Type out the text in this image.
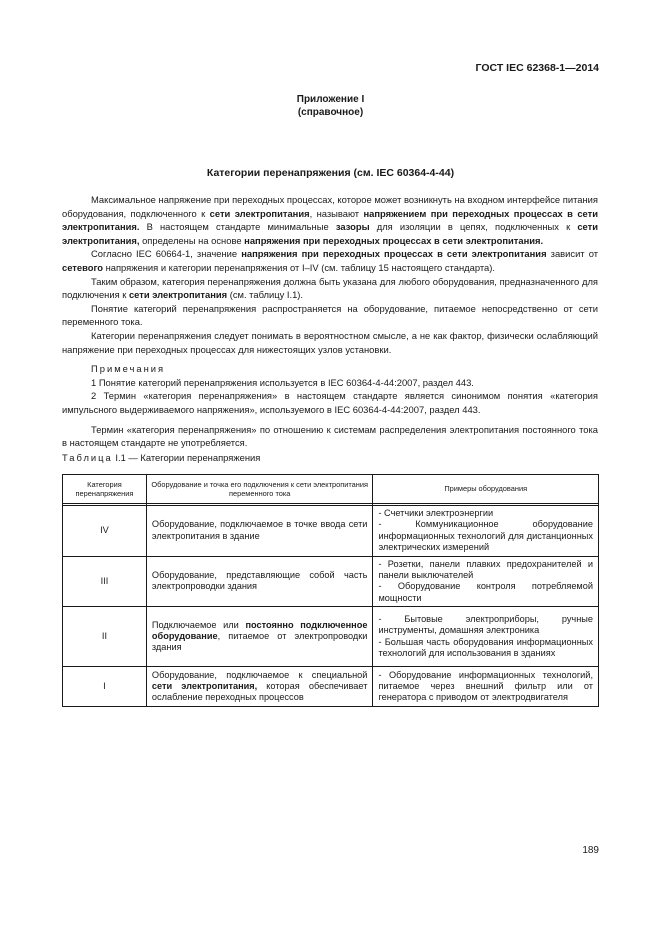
ГОСТ IEC 62368-1—2014
Приложение I
(справочное)
Категории перенапряжения (см. IEC 60364-4-44)

Максимальное напряжение при переходных процессах, которое может возникнуть на входном интерфейсе питания оборудования, подключенного к сети электропитания, называют напряжением при переходных процессах в сети электропитания. В настоящем стандарте минимальные зазоры для изоляции в цепях, подключенных к сети электропитания, определены на основе напряжения при переходных процессах в сети электропитания.

Согласно IEC 60664-1, значение напряжения при переходных процессах в сети электропитания зависит от сетевого напряжения и категории перенапряжения от I–IV (см. таблицу 15 настоящего стандарта).

Таким образом, категория перенапряжения должна быть указана для любого оборудования, предназначенного для подключения к сети электропитания (см. таблицу I.1).

Понятие категорий перенапряжения распространяется на оборудование, питаемое непосредственно от сети переменного тока.

Категории перенапряжения следует понимать в вероятностном смысле, а не как фактор, физически ослабляющий напряжение при переходных процессах для нижестоящих узлов установки.

Примечания

1 Понятие категорий перенапряжения используется в IEC 60364-4-44:2007, раздел 443.

2 Термин «категория перенапряжения» в настоящем стандарте является синонимом понятия «категория импульсного выдерживаемого напряжения», используемого в IEC 60364-4-44:2007, раздел 443.

Термин «категория перенапряжения» по отношению к системам распределения электропитания постоянного тока в настоящем стандарте не употребляется.

Таблица I.1 — Категории перенапряжения
Категория перенапряжения	Оборудование и точка его подключения к сети электропитания переменного тока	Примеры оборудования

IV	Оборудование, подключаемое в точке ввода сети электропитания в здание	- Счетчики электроэнергии
- Коммуникационное оборудование информационных технологий для дистанционных электрических измерений
III	Оборудование, представляющие собой часть электропроводки здания	- Розетки, панели плавких предохранителей и панели выключателей
- Оборудование контроля потребляемой мощности
II	Подключаемое или постоянно подключенное оборудование, питаемое от электропроводки здания	- Бытовые электроприборы, ручные инструменты, домашняя электроника
- Большая часть оборудования информационных технологий для использования в зданиях
I	Оборудование, подключаемое к специальной сети электропитания, которая обеспечивает ослабление переходных процессов	- Оборудование информационных технологий, питаемое через внешний фильтр или от генератора с приводом от электродвигателя
189
